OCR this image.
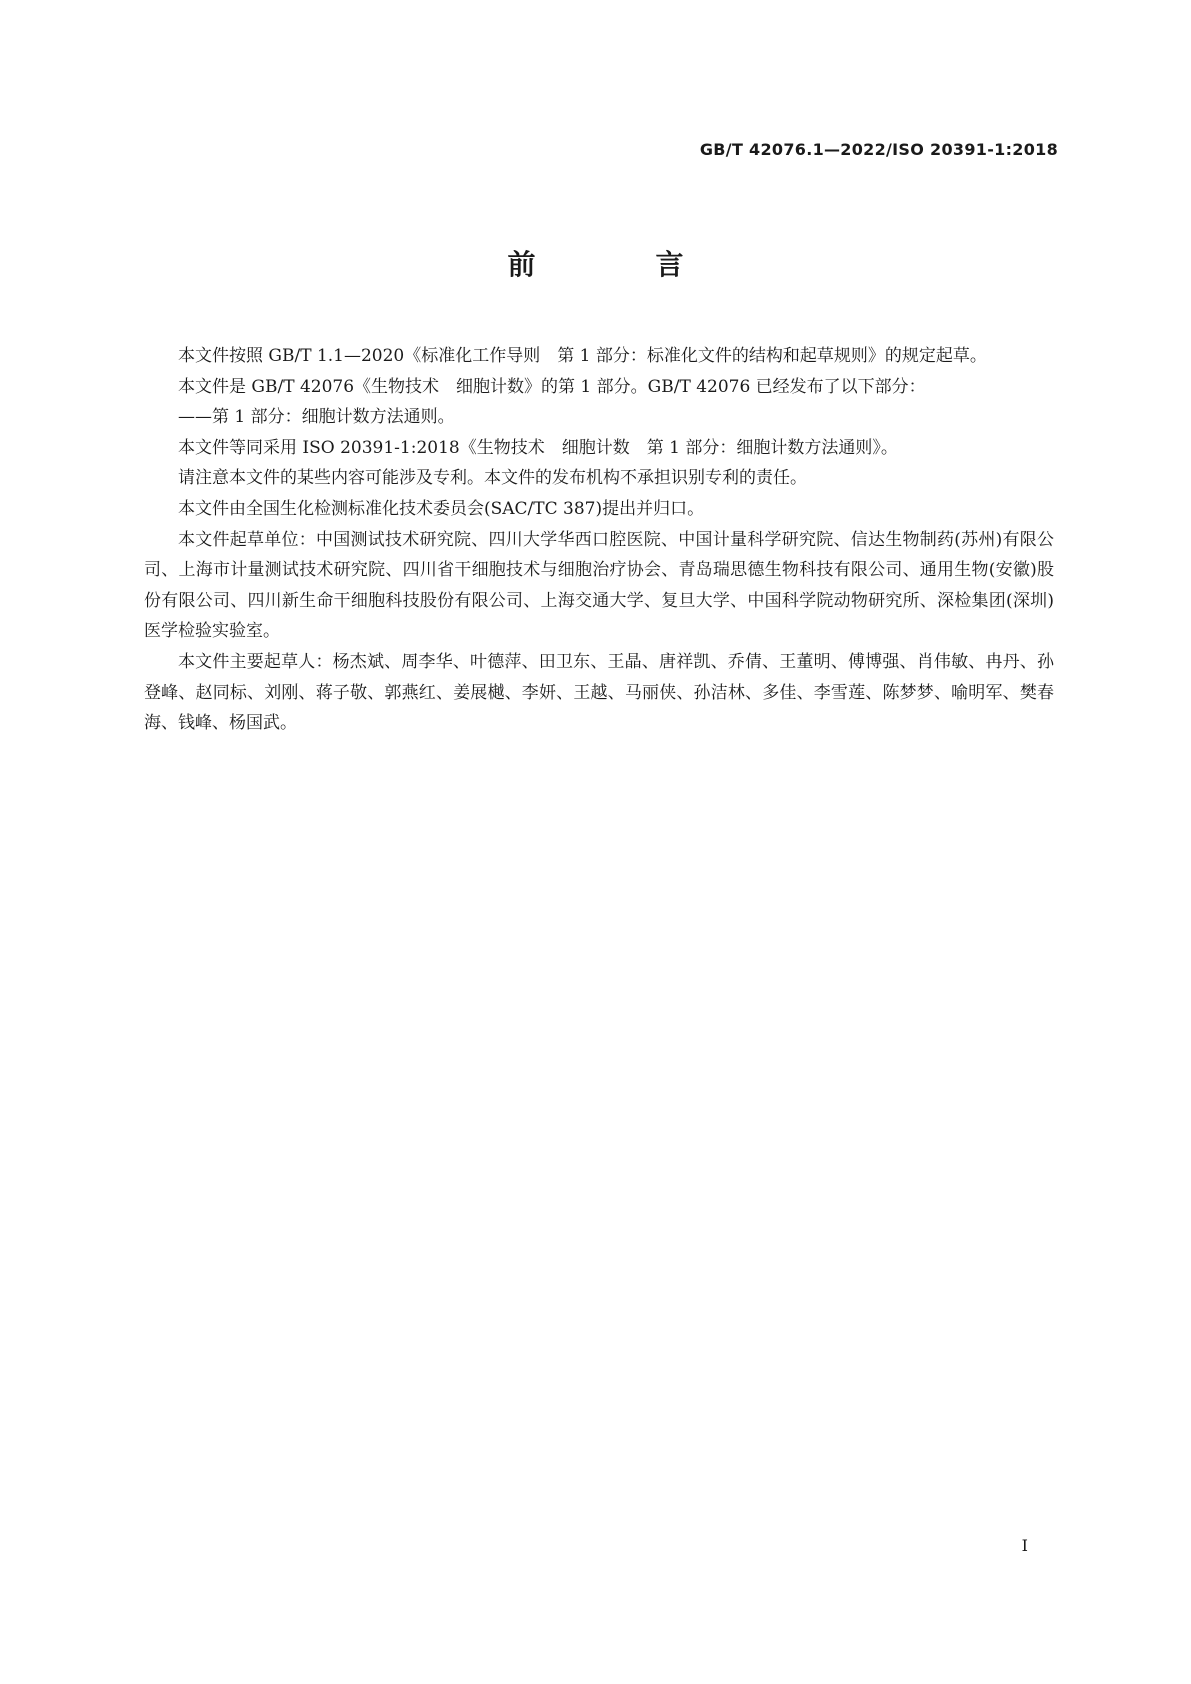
GB/T 42076.1—2022/ISO 20391-1:2018
前　言

本文件按照 GB/T 1.1—2020《标准化工作导则　第 1 部分：标准化文件的结构和起草规则》的规定起草。

本文件是 GB/T 42076《生物技术　细胞计数》的第 1 部分。GB/T 42076 已经发布了以下部分：

——第 1 部分：细胞计数方法通则。

本文件等同采用 ISO 20391-1:2018《生物技术　细胞计数　第 1 部分：细胞计数方法通则》。

请注意本文件的某些内容可能涉及专利。本文件的发布机构不承担识别专利的责任。

本文件由全国生化检测标准化技术委员会(SAC/TC 387)提出并归口。

本文件起草单位：中国测试技术研究院、四川大学华西口腔医院、中国计量科学研究院、信达生物制药(苏州)有限公司、上海市计量测试技术研究院、四川省干细胞技术与细胞治疗协会、青岛瑞思德生物科技有限公司、通用生物(安徽)股份有限公司、四川新生命干细胞科技股份有限公司、上海交通大学、复旦大学、中国科学院动物研究所、深检集团(深圳)医学检验实验室。

本文件主要起草人：杨杰斌、周李华、叶德萍、田卫东、王晶、唐祥凯、乔倩、王董明、傅博强、肖伟敏、冉丹、孙登峰、赵同标、刘刚、蒋子敬、郭燕红、姜展樾、李妍、王越、马丽侠、孙洁林、多佳、李雪莲、陈梦梦、喻明军、樊春海、钱峰、杨国武。

I
